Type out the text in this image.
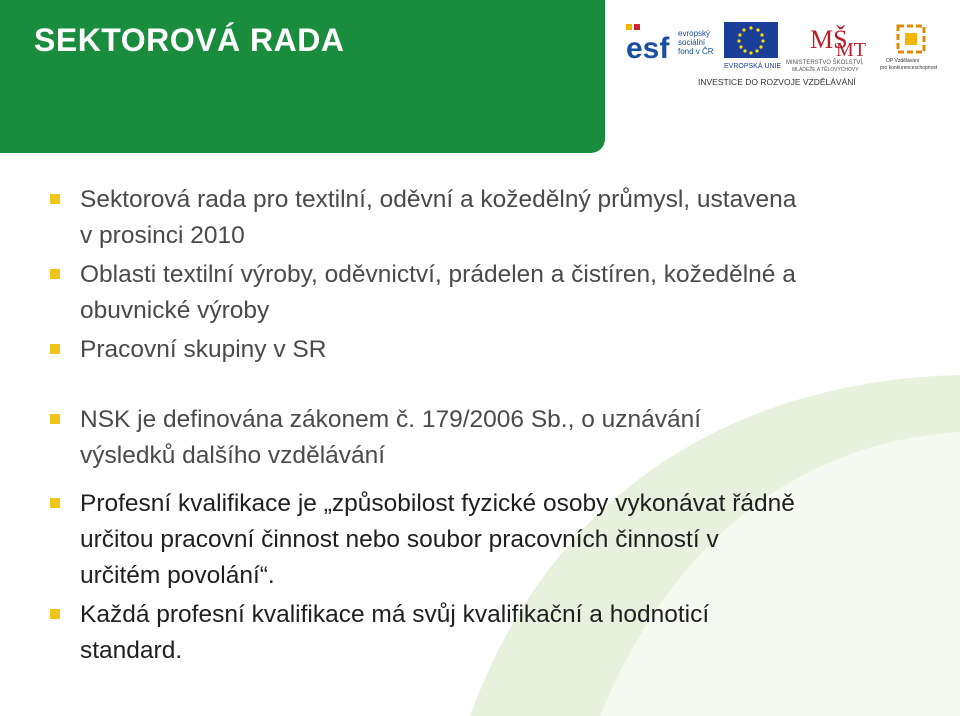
SEKTOROVÁ RADA	esf evropský
sociální
fond v ČR
EVROPSKÁ UNIE
MŠ
MT
MINISTERSTVO ŠKOLSTVÍ,
MLÁDEŽE A TĚLOVÝCHOVY
OP Vzdělávání
pro konkurenceschopnost
INVESTICE DO ROZVOJE VZDĚLÁVÁNÍ
Sektorová rada pro textilní, oděvní a kožedělný průmysl, ustavena
v prosinci 2010
Oblasti textilní výroby, oděvnictví, prádelen a čistíren, kožedělné a
obuvnické výroby
Pracovní skupiny v SR
NSK je definována zákonem č. 179/2006 Sb., o uznávání
výsledků dalšího vzdělávání
Profesní kvalifikace je „způsobilost fyzické osoby vykonávat řádně
určitou pracovní činnost nebo soubor pracovních činností v
určitém povolání“.
Každá profesní kvalifikace má svůj kvalifikační a hodnoticí
standard.
